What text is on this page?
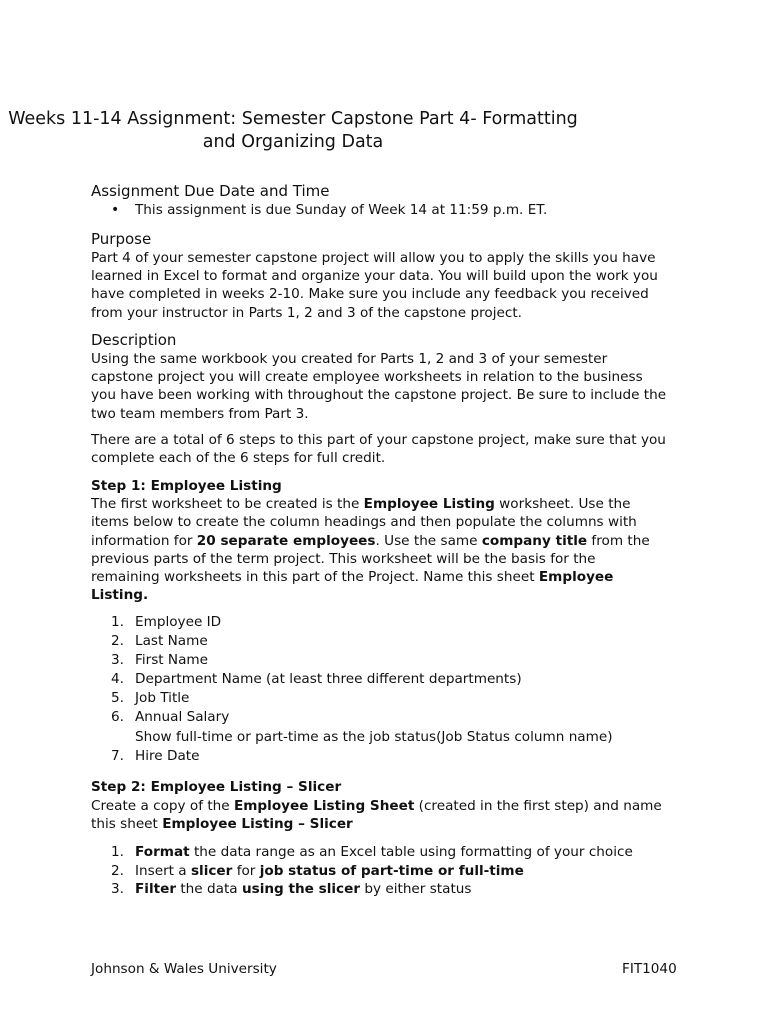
Weeks 11-14 Assignment: Semester Capstone Part 4- Formatting
and Organizing Data

Assignment Due Date and Time

• This assignment is due Sunday of Week 14 at 11:59 p.m. ET.

Purpose

Part 4 of your semester capstone project will allow you to apply the skills you have

learned in Excel to format and organize your data. You will build upon the work you

have completed in weeks 2-10. Make sure you include any feedback you received

from your instructor in Parts 1, 2 and 3 of the capstone project.

Description

Using the same workbook you created for Parts 1, 2 and 3 of your semester

capstone project you will create employee worksheets in relation to the business

you have been working with throughout the capstone project. Be sure to include the

two team members from Part 3.

There are a total of 6 steps to this part of your capstone project, make sure that you

complete each of the 6 steps for full credit.

Step 1: Employee Listing

The first worksheet to be created is the Employee Listing worksheet. Use the

items below to create the column headings and then populate the columns with

information for 20 separate employees. Use the same company title from the

previous parts of the term project. This worksheet will be the basis for the

remaining worksheets in this part of the Project. Name this sheet Employee

Listing.

1. Employee ID
2. Last Name
3. First Name
4. Department Name (at least three different departments)
5. Job Title
6. Annual Salary
Show full-time or part-time as the job status(Job Status column name)
7. Hire Date

Step 2: Employee Listing – Slicer

Create a copy of the Employee Listing Sheet (created in the first step) and name

this sheet Employee Listing – Slicer

1. Format the data range as an Excel table using formatting of your choice
2. Insert a slicer for job status of part-time or full-time
3. Filter the data using the slicer by either status
Johnson & Wales University	FIT1040
